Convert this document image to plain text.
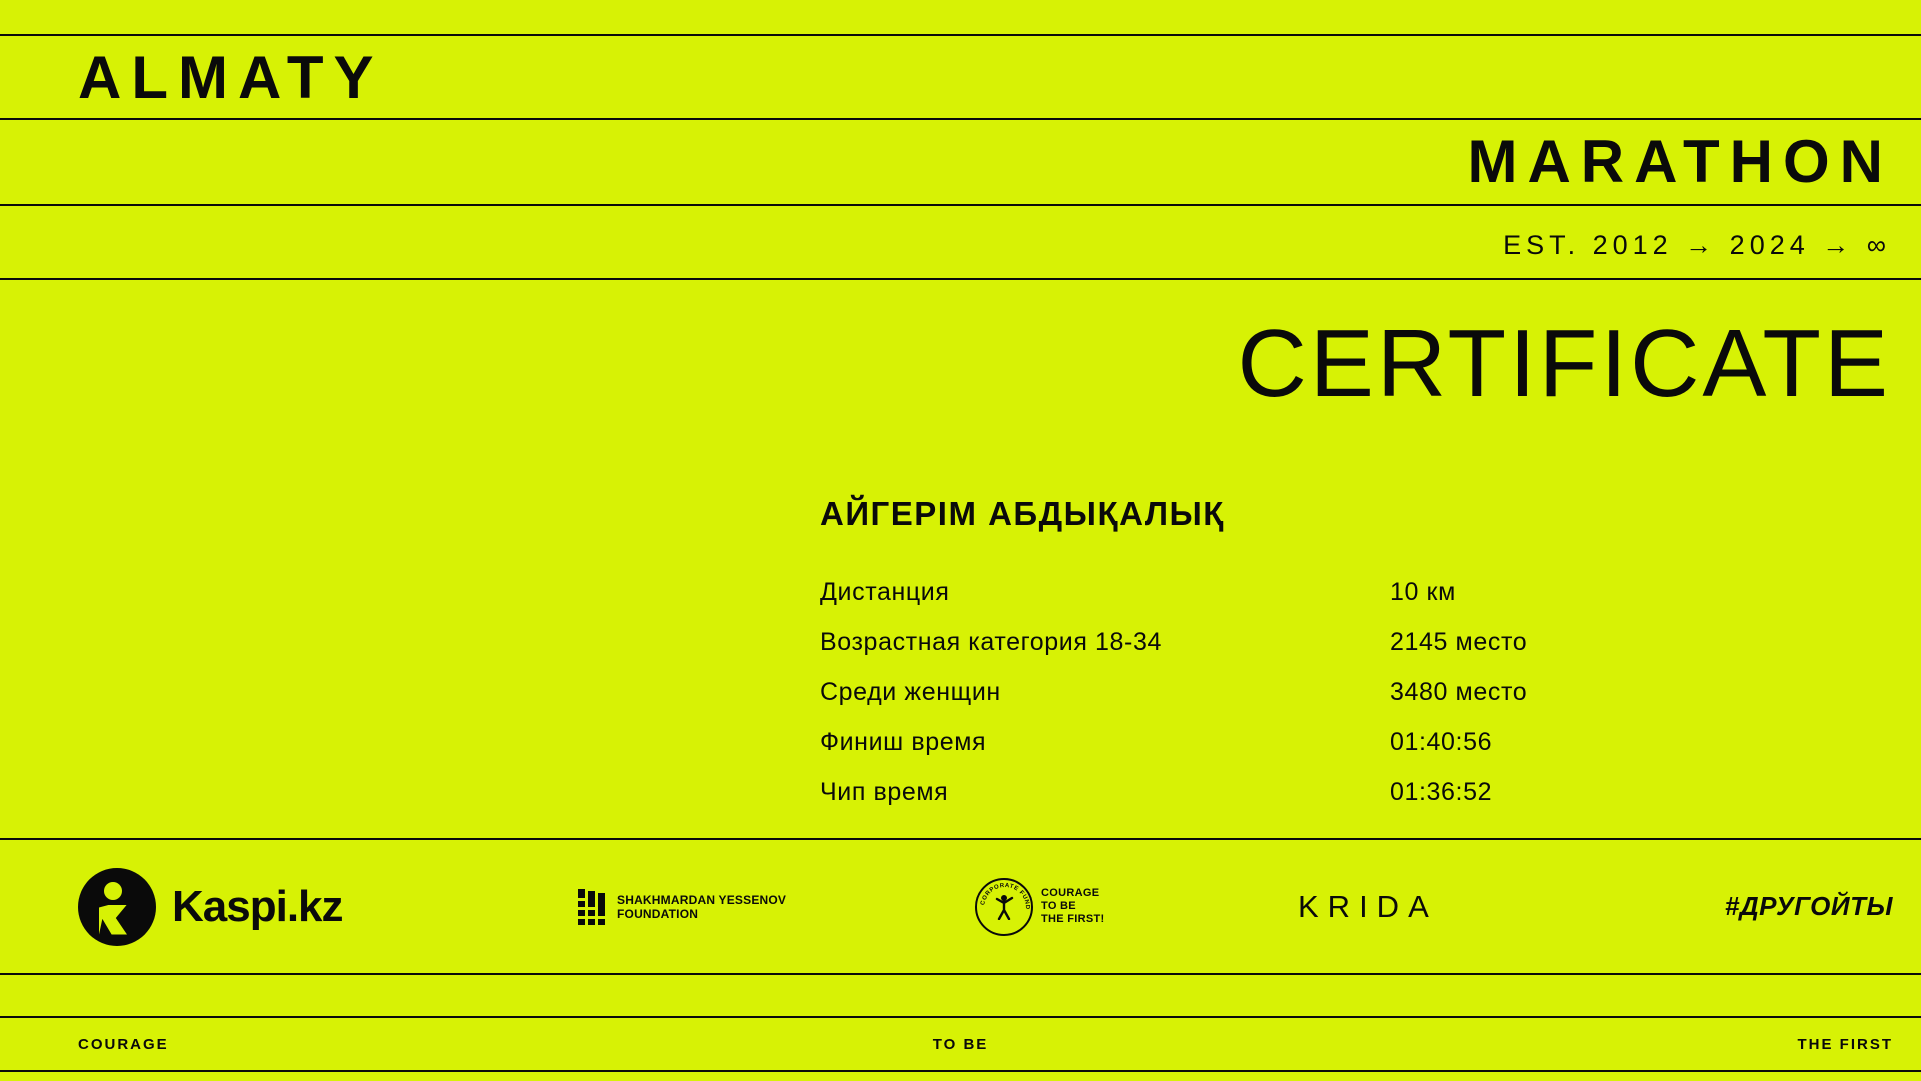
ALMATY
MARATHON
EST. 2012 → 2024 → ∞
CERTIFICATE
АЙГЕРІМ АБДЫҚАЛЫҚ
Дистанция	10 км
Возрастная категория 18-34	2145 место
Среди женщин	3480 место
Финиш время	01:40:56
Чип время	01:36:52
Kaspi.kz	SHAKHMARDAN YESSENOV
FOUNDATION
CORPORATE FUND
COURAGE
TO BE
THE FIRST!	KRIDA	#ДРУГОЙТЫ
COURAGE	TO BE	THE FIRST
